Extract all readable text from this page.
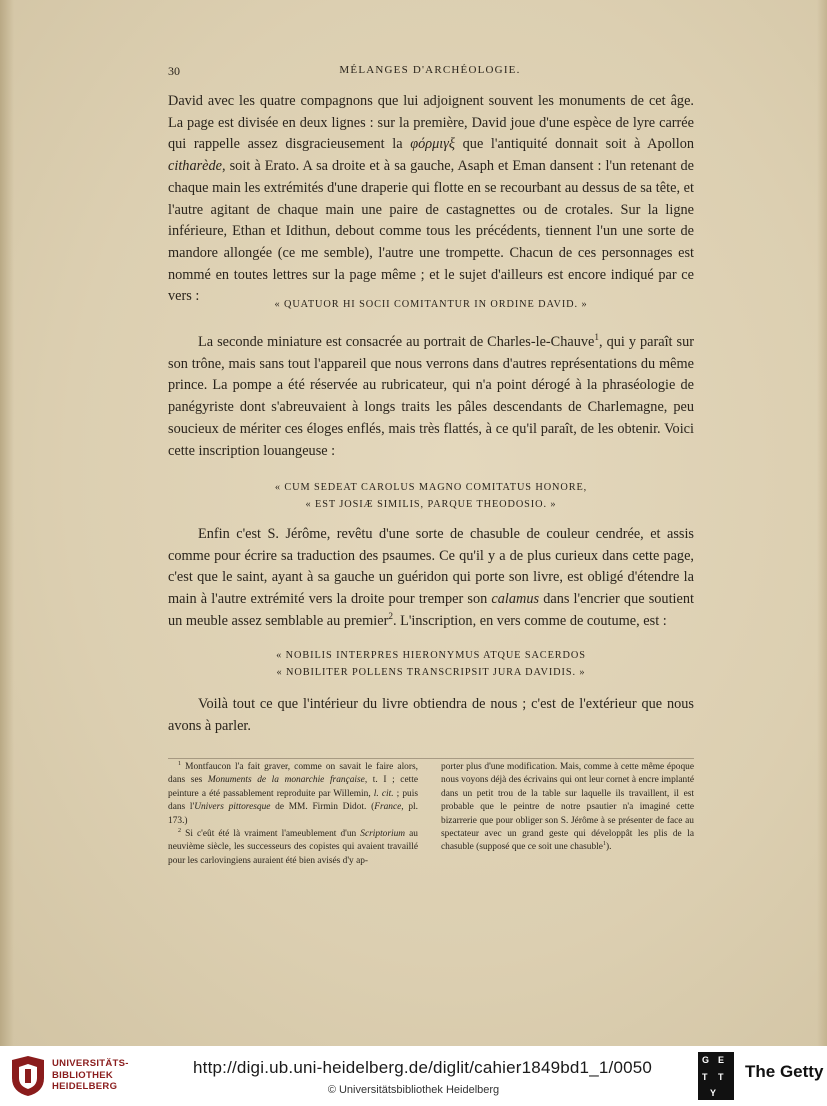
30	MÉLANGES D'ARCHÉOLOGIE.

David avec les quatre compagnons que lui adjoignent souvent les monuments de cet âge. La page est divisée en deux lignes : sur la première, David joue d'une espèce de lyre carrée qui rappelle assez disgracieusement la φόρμιγξ que l'antiquité donnait soit à Apollon citharède, soit à Erato. A sa droite et à sa gauche, Asaph et Eman dansent : l'un retenant de chaque main les extrémités d'une draperie qui flotte en se recourbant au dessus de sa tête, et l'autre agitant de chaque main une paire de castagnettes ou de crotales. Sur la ligne inférieure, Ethan et Idithun, debout comme tous les précédents, tiennent l'un une sorte de mandore allongée (ce me semble), l'autre une trompette. Chacun de ces personnages est nommé en toutes lettres sur la page même ; et le sujet d'ailleurs est encore indiqué par ce vers :

« QUATUOR HI SOCII COMITANTUR IN ORDINE DAVID. »

La seconde miniature est consacrée au portrait de Charles-le-Chauve$^1$, qui y paraît sur son trône, mais sans tout l'appareil que nous verrons dans d'autres représentations du même prince. La pompe a été réservée au rubricateur, qui n'a point dérogé à la phraséologie de panégyriste dont s'abreuvaient à longs traits les pâles descendants de Charlemagne, peu soucieux de mériter ces éloges enflés, mais très flattés, à ce qu'il paraît, de les obtenir. Voici cette inscription louangeuse :

« CUM SEDEAT CAROLUS MAGNO COMITATUS HONORE,
« EST JOSIÆ SIMILIS, PARQUE THEODOSIO. »

Enfin c'est S. Jérôme, revêtu d'une sorte de chasuble de couleur cendrée, et assis comme pour écrire sa traduction des psaumes. Ce qu'il y a de plus curieux dans cette page, c'est que le saint, ayant à sa gauche un guéridon qui porte son livre, est obligé d'étendre la main à l'autre extrémité vers la droite pour tremper son calamus dans l'encrier que soutient un meuble assez semblable au premier$^2$. L'inscription, en vers comme de coutume, est :

« NOBILIS INTERPRES HIERONYMUS ATQUE SACERDOS
« NOBILITER POLLENS TRANSCRIPSIT JURA DAVIDIS. »

Voilà tout ce que l'intérieur du livre obtiendra de nous ; c'est de l'extérieur que nous avons à parler.

$^1$ Montfaucon l'a fait graver, comme on savait le faire alors, dans ses Monuments de la monarchie française, t. I ; cette peinture a été passablement reproduite par Willemin, l. cit. ; puis dans l'Univers pittoresque de MM. Firmin Didot. (France, pl. 173.)

$^2$ Si c'eût été là vraiment l'ameublement d'un Scriptorium au neuvième siècle, les successeurs des copistes qui avaient travaillé pour les carlovingiens auraient été bien avisés d'y ap-

porter plus d'une modification. Mais, comme à cette même époque nous voyons déjà des écrivains qui ont leur cornet à encre implanté dans un petit trou de la table sur laquelle ils travaillent, il est probable que le peintre de notre psautier n'a imaginé cette bizarrerie que pour obliger son S. Jérôme à se présenter de face au spectateur avec un grand geste qui développât les plis de la chasuble (supposé que ce soit une chasuble$^1$).

UNIVERSITÄTS-
BIBLIOTHEK
HEIDELBERG
http://digi.ub.uni-heidelberg.de/diglit/cahier1849bd1_1/0050
© Universitätsbibliothek Heidelberg
G E
T T
Y
The Getty
